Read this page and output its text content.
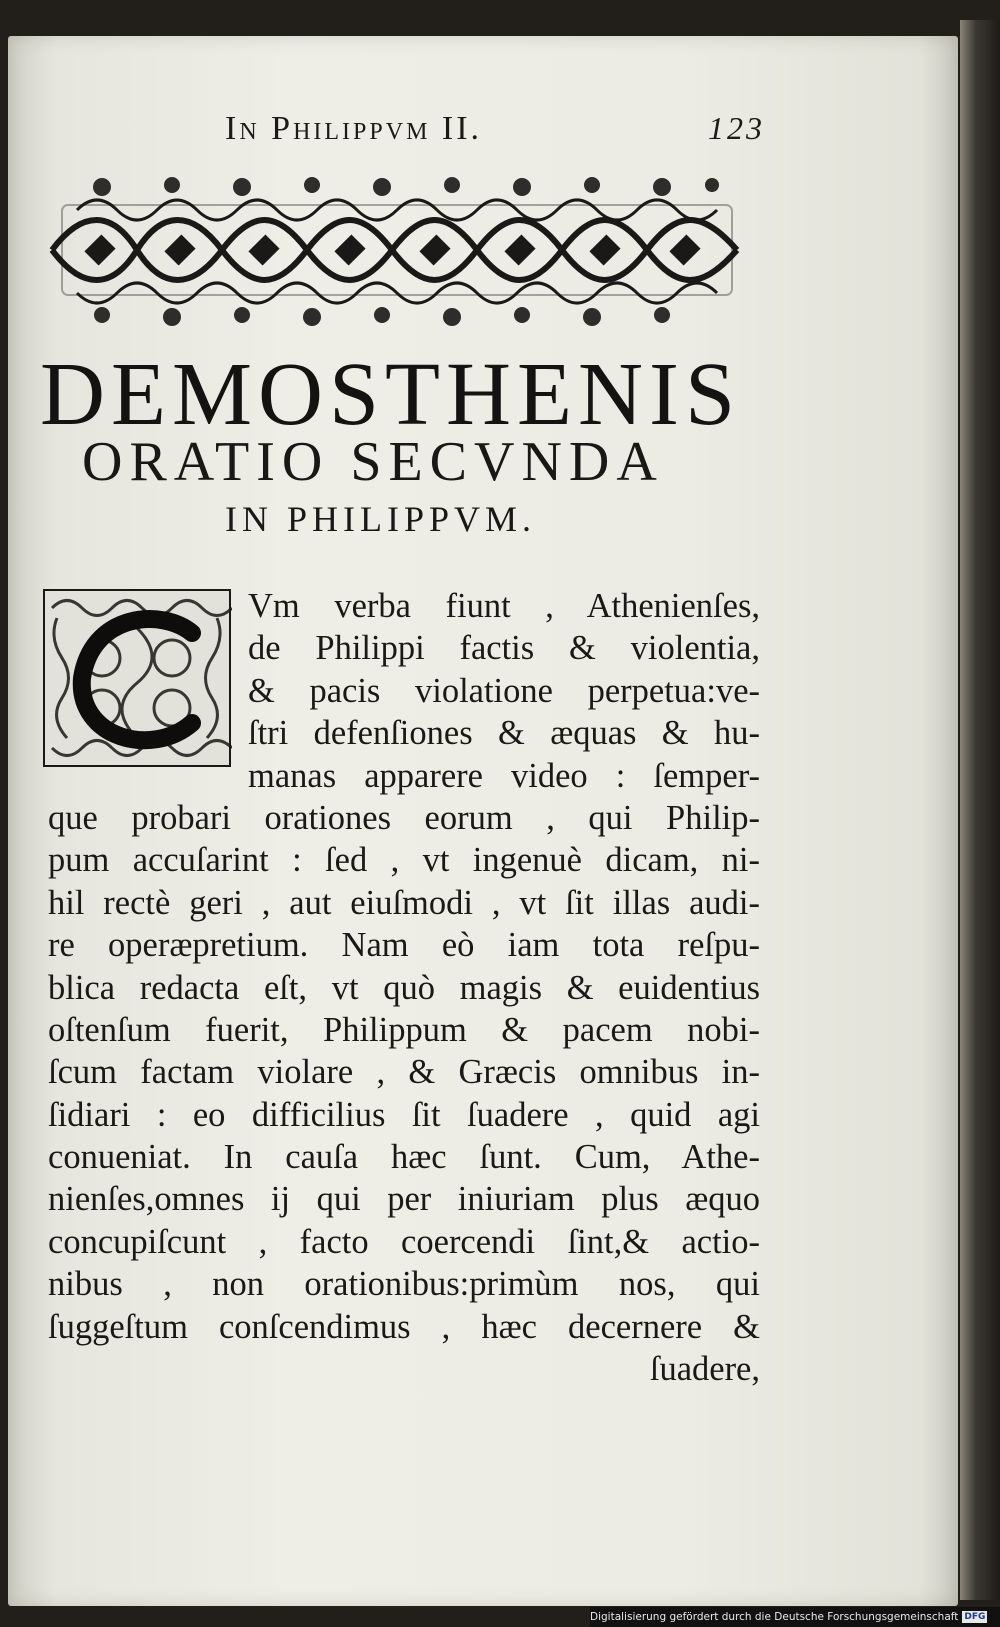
In Philippvm II.	123
DEMOSTHENIS
ORATIO SECVNDA
IN PHILIPPVM.
Vm verba fiunt , Athenienſes,
de Philippi factis & violentia,
& pacis violatione perpetua:ve-
ſtri defenſiones & æquas & hu-
manas apparere video : ſemper-
que probari orationes eorum , qui Philip-
pum accuſarint : ſed , vt ingenuè dicam, ni-
hil rectè geri , aut eiuſmodi , vt ſit illas audi-
re operæpretium. Nam eò iam tota reſpu-
blica redacta eſt, vt quò magis & euidentius
oſtenſum fuerit, Philippum & pacem nobi-
ſcum factam violare , & Græcis omnibus in-
ſidiari : eo difficilius ſit ſuadere , quid agi
conueniat. In cauſa hæc ſunt. Cum, Athe-
nienſes,omnes ij qui per iniuriam plus æquo
concupiſcunt , facto coercendi ſint,& actio-
nibus , non orationibus:primùm nos, qui
ſuggeſtum conſcendimus , hæc decernere &
ſuadere,
Digitalisierung gefördert durch die Deutsche Forschungsgemeinschaft DFG
